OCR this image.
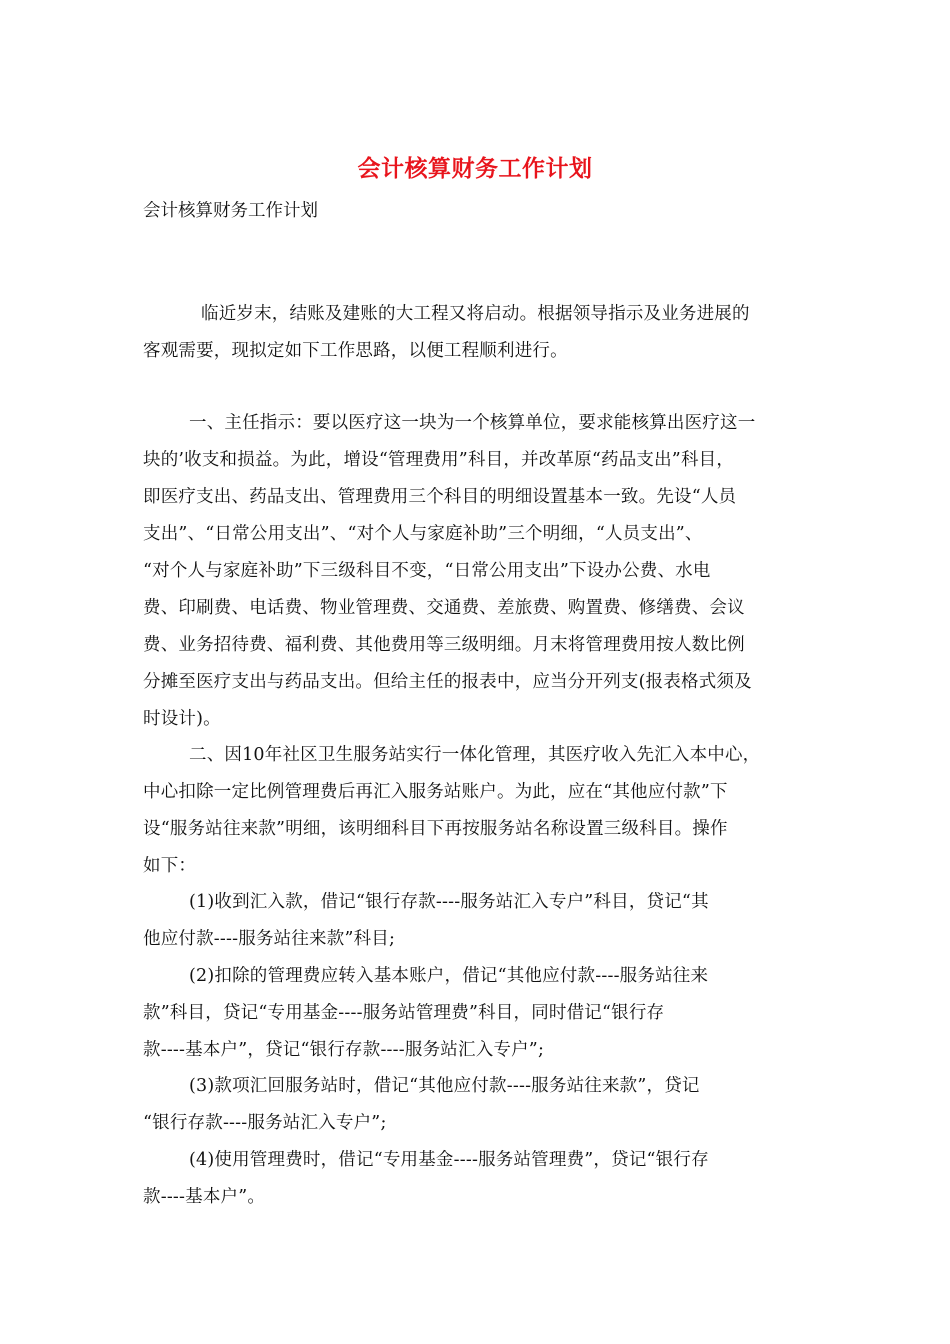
会计核算财务工作计划
会计核算财务工作计划
临近岁末，结账及建账的大工程又将启动。根据领导指示及业务进展的
客观需要，现拟定如下工作思路，以便工程顺利进行。
一、主任指示：要以医疗这一块为一个核算单位，要求能核算出医疗这一
块的’收支和损益。为此，增设“管理费用”科目，并改革原“药品支出”科目，
即医疗支出、药品支出、管理费用三个科目的明细设置基本一致。先设“人员
支出”、“日常公用支出”、“对个人与家庭补助”三个明细，“人员支出”、
“对个人与家庭补助”下三级科目不变，“日常公用支出”下设办公费、水电
费、印刷费、电话费、物业管理费、交通费、差旅费、购置费、修缮费、会议
费、业务招待费、福利费、其他费用等三级明细。月末将管理费用按人数比例
分摊至医疗支出与药品支出。但给主任的报表中，应当分开列支(报表格式须及
时设计)。
二、因10年社区卫生服务站实行一体化管理，其医疗收入先汇入本中心，
中心扣除一定比例管理费后再汇入服务站账户。为此，应在“其他应付款”下
设“服务站往来款”明细，该明细科目下再按服务站名称设置三级科目。操作
如下：
(1)收到汇入款，借记“银行存款----服务站汇入专户”科目，贷记“其
他应付款----服务站往来款”科目;
(2)扣除的管理费应转入基本账户，借记“其他应付款----服务站往来
款”科目，贷记“专用基金----服务站管理费”科目，同时借记“银行存
款----基本户”，贷记“银行存款----服务站汇入专户”;
(3)款项汇回服务站时，借记“其他应付款----服务站往来款”，贷记
“银行存款----服务站汇入专户”;
(4)使用管理费时，借记“专用基金----服务站管理费”，贷记“银行存
款----基本户”。
